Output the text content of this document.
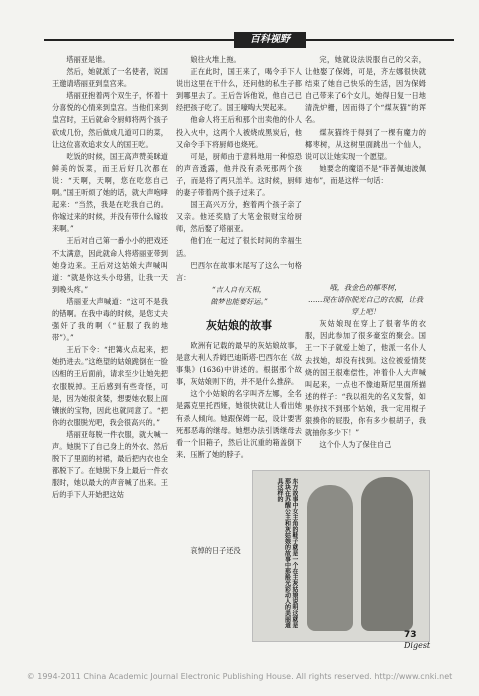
百科视野

塔丽亚是谁。

然后，她就派了一名使者，说国王邀请塔丽亚到皇宫来。

塔丽亚抱着两个双生子，怀着十分喜悦的心情来到皇宫。当他们来到皇宫时，王后就命令厨师将两个孩子砍成几份，然后做成几道可口的菜，让这位喜欢追求女人的国王吃。

吃饭的时候，国王高声赞美眯道鲜美的饭菜，而王后好几次都在说：“天啊，天啊，您在吃您自己啊。”国王听烦了她的话，就大声咆哮起来：“当然，我是在吃我自己的。你嫁过来的时候，并没有带什么嫁妆来啊。”

王后对自己第一番小小的把戏还不太满意，因此就命人将塔丽亚带到她身边来。王后对这姑娘大声喊叫道：“就是你这头小母猪，让我一天到晚头疼。”

塔丽亚大声喊道：“这可不是我的错啊。在我中毒的时候，是您丈夫强奸了我的啊（“征服了我的地带”）。”

王后下令：“把篝火点起来，把她扔进去。”这绝望的姑娘跪倒在一脸凶相的王后面前，请求至少让她先把衣服脱掉。王后感到有些奇怪，可是，因为她很贪婪，想要她衣服上面镶嵌的宝物，因此也就同意了。“把你的衣服脱光吧，我会很高兴的。”

塔丽亚每脱一件衣服，就大喊一声。她脱下了自己身上的外衣、然后脱下了里面的衬裙，最后把内衣也全都脱下了。在她脱下身上最后一件衣服时，她以最大的声音喊了出来。王后的手下人开始把这姑

娘往火堆上拖。

正在此时，国王来了，喝令手下人说出这里在干什么，还问他的私生子都到哪里去了。王后告诉他说，他自己已经把孩子吃了。国王嚎啕大哭起来。

他命人将王后和那个出卖他的仆人投入火中，这两个人被烧成黑炭后，他又命令手下将厨师也烧死。

可是，厨师由于意料地用一种惊恐的声音透露，他并没有杀死那两个孩子，而是将了两只羔羊。这时候，厨师的妻子带着两个孩子过来了。

国王高兴万分，抱着两个孩子亲了又亲。他还奖励了大笔金银财宝给厨师，然后娶了塔丽亚。

他们在一起过了很长时间的幸福生活。

巴西尔在故事末尾写了这么一句格言：

“吉人自有天相，

做梦也能要好运。”

灰姑娘的故事

欧洲有记载的最早的灰姑娘故事，是意大利人乔姆巴迪斯塔·巴西尔在《故事集》(1636)中讲述的。根据那个故事，灰姑娘则下的，并不是什么推辞。

这个小姑娘的名字叫齐左娜，全名是露克里托西娅，她很快就让人看出她有杀人倾向。她跟保姆一起，设计要害死那恶毒的继母。她想办法引诱继母去看一个旧箱子，然后让沉重的箱盖倒下来，压断了她的脖子。

哀悼的日子还没

完，她就设法说服自己的父亲，让他娶了保姆，可是，齐左娜很快就结束了她自己快乐的生活，因为保姆自己带来了6个女儿，她得日复一日地清洗炉栅，因而得了个“煤灰猫”的诨名。

煤灰猫终于得到了一棵有魔力的椰枣树，从这树里面跳出一个仙人，说可以让她实现一个愿望。

她要念的魔语不是“菲普佩迪波佩迪布”，而是这样一句话：

哦，我金色的椰枣树，

……现在请你脱光自己的衣服，让我穿上吧！

灰姑娘现在穿上了很奢华的衣服，因此参加了很多豪室的聚会。国王一下子就爱上她了，他派一名仆人去找她，却没有找到。这位被爱情焚烧的国王很难偿性，冲着仆人大声喊叫起来，一点也不像迪斯尼里面所描述的样子：“我以祖先的名义发誓，如果你找不到那个姑娘，我一定用棍子狠揍你的屁股，你有多少根胡子，我就抽你多少下！”

这个仆人为了保住自己

东方故事中女主角的鞋子就是一个在主灰姑娘说明这就是那块在苏醒公主和灰姑娘的故事中那般光彩动人的美丽道具这样的
73
Digest
© 1994-2011 China Academic Journal Electronic Publishing House. All rights reserved. http://www.cnki.net
